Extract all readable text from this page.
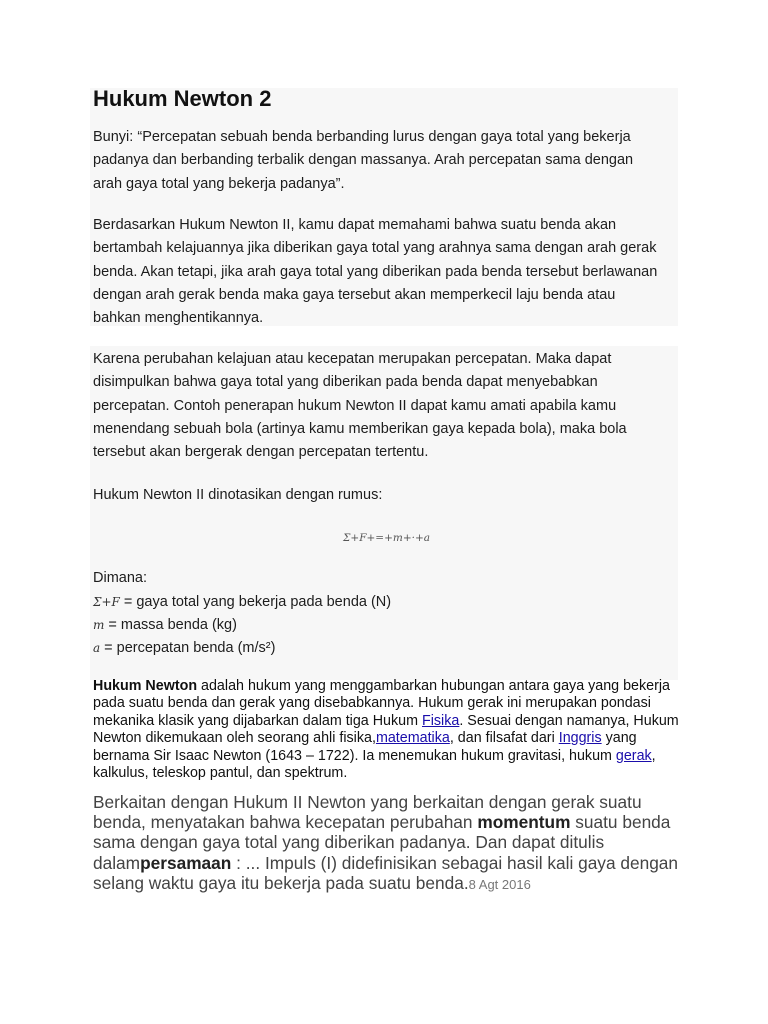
Hukum Newton 2

Bunyi: “Percepatan sebuah benda berbanding lurus dengan gaya total yang bekerja
padanya dan berbanding terbalik dengan massanya. Arah percepatan sama dengan
arah gaya total yang bekerja padanya”.

Berdasarkan Hukum Newton II, kamu dapat memahami bahwa suatu benda akan
bertambah kelajuannya jika diberikan gaya total yang arahnya sama dengan arah gerak
benda. Akan tetapi, jika arah gaya total yang diberikan pada benda tersebut berlawanan
dengan arah gerak benda maka gaya tersebut akan memperkecil laju benda atau
bahkan menghentikannya.

Karena perubahan kelajuan atau kecepatan merupakan percepatan. Maka dapat
disimpulkan bahwa gaya total yang diberikan pada benda dapat menyebabkan
percepatan. Contoh penerapan hukum Newton II dapat kamu amati apabila kamu
menendang sebuah bola (artinya kamu memberikan gaya kepada bola), maka bola
tersebut akan bergerak dengan percepatan tertentu.

Hukum Newton II dinotasikan dengan rumus:

Σ+F+=+m+·+a

Dimana:

Σ+F = gaya total yang bekerja pada benda (N)
m = massa benda (kg)
a = percepatan benda (m/s²)

Hukum Newton adalah hukum yang menggambarkan hubungan antara gaya yang bekerja pada suatu benda dan gerak yang disebabkannya. Hukum gerak ini merupakan pondasi mekanika klasik yang dijabarkan dalam tiga Hukum Fisika. Sesuai dengan namanya, Hukum Newton dikemukaan oleh seorang ahli fisika,matematika, dan filsafat dari Inggris yang bernama Sir Isaac Newton (1643 – 1722). Ia menemukan hukum gravitasi, hukum gerak, kalkulus, teleskop pantul, dan spektrum.

Berkaitan dengan Hukum II Newton yang berkaitan dengan gerak suatu benda, menyatakan bahwa kecepatan perubahan momentum suatu benda sama dengan gaya total yang diberikan padanya. Dan dapat ditulis dalampersamaan : ... Impuls (I) didefinisikan sebagai hasil kali gaya dengan selang waktu gaya itu bekerja pada suatu benda.8 Agt 2016
